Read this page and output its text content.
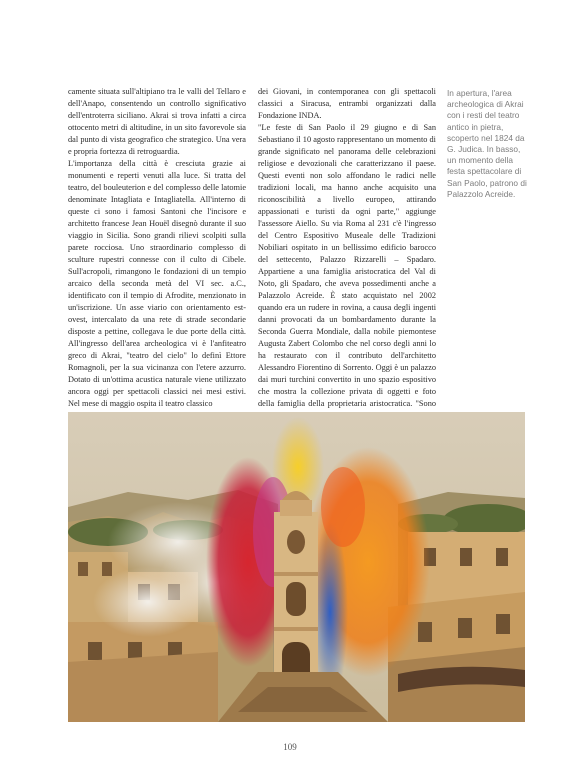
camente situata sull'altipiano tra le valli del Tellaro e dell'Anapo, consentendo un controllo significativo dell'entroterra siciliano. Akrai si trova infatti a circa ottocento metri di altitudine, in un sito favorevole sia dal punto di vista geografico che strategico. Una vera e propria fortezza di retroguardia.

L'importanza della città è cresciuta grazie ai monumenti e reperti venuti alla luce. Si tratta del teatro, del bouleuterion e del complesso delle latomie denominate Intagliata e Intagliatella. All'interno di queste ci sono i famosi Santoni che l'incisore e architetto francese Jean Houël disegnò durante il suo viaggio in Sicilia. Sono grandi rilievi scolpiti sulla parete rocciosa. Uno straordinario complesso di sculture rupestri connesse con il culto di Cibele. Sull'acropoli, rimangono le fondazioni di un tempio arcaico della seconda metà del VI sec. a.C., identificato con il tempio di Afrodite, menzionato in un'iscrizione. Un asse viario con orientamento est-ovest, intercalato da una rete di strade secondarie disposte a pettine, collegava le due porte della città. All'ingresso dell'area archeologica vi è l'anfiteatro greco di Akrai, "teatro del cielo" lo definì Ettore Romagnoli, per la sua vicinanza con l'etere azzurro. Dotato di un'ottima acustica naturale viene utilizzato ancora oggi per spettacoli classici nei mesi estivi. Nel mese di maggio ospita il teatro classico

dei Giovani, in contemporanea con gli spettacoli classici a Siracusa, entrambi organizzati dalla Fondazione INDA.

"Le feste di San Paolo il 29 giugno e di San Sebastiano il 10 agosto rappresentano un momento di grande significato nel panorama delle celebrazioni religiose e devozionali che caratterizzano il paese. Questi eventi non solo affondano le radici nelle tradizioni locali, ma hanno anche acquisito una riconoscibilità a livello europeo, attirando appassionati e turisti da ogni parte," aggiunge l'assessore Aiello. Su via Roma al 231 c'è l'ingresso del Centro Espositivo Museale delle Tradizioni Nobiliari ospitato in un bellissimo edificio barocco del settecento, Palazzo Rizzarelli – Spadaro. Appartiene a una famiglia aristocratica del Val di Noto, gli Spadaro, che aveva possedimenti anche a Palazzolo Acreide. È stato acquistato nel 2002 quando era un rudere in rovina, a causa degli ingenti danni provocati da un bombardamento durante la Seconda Guerra Mondiale, dalla nobile piemontese Augusta Zabert Colombo che nel corso degli anni lo ha restaurato con il contributo dell'architetto Alessandro Fiorentino di Sorrento. Oggi è un palazzo dai muri turchini convertito in uno spazio espositivo che mostra la collezione privata di oggetti e foto della famiglia della proprietaria aristocratica. "Sono

In apertura, l'area archeologica di Akrai con i resti del teatro antico in pietra, scoperto nel 1824 da G. Judica. In basso, un momento della festa spettacolare di San Paolo, patrono di Palazzolo Acreide.
109
